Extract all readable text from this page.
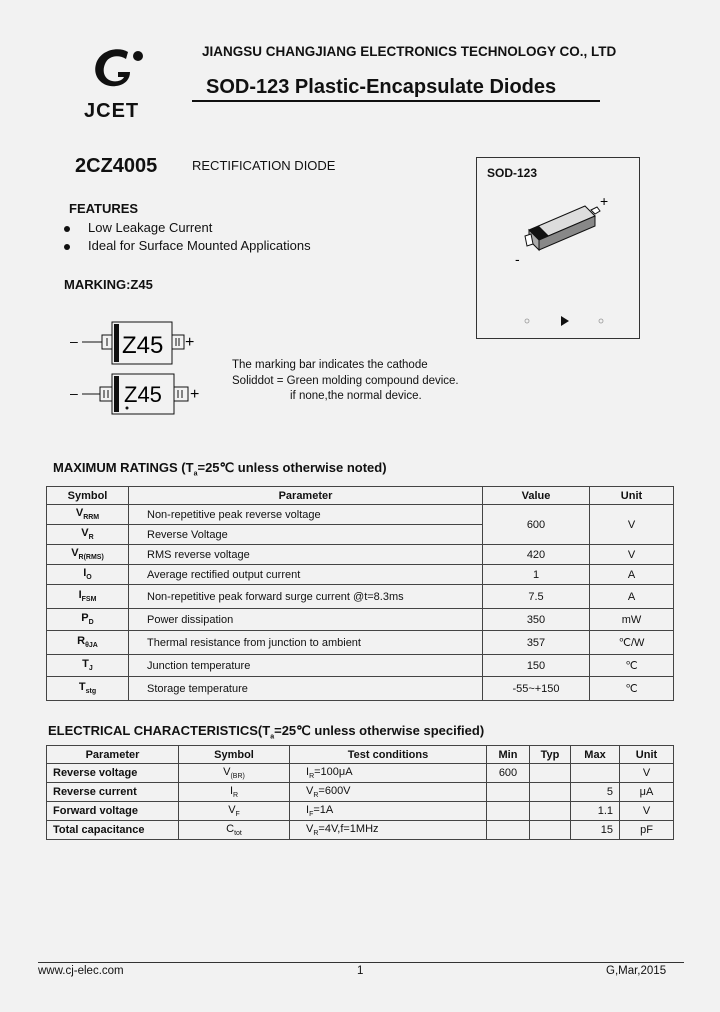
JCET
JIANGSU CHANGJIANG ELECTRONICS TECHNOLOGY CO., LTD
SOD-123 Plastic-Encapsulate Diodes
2CZ4005	RECTIFICATION DIODE
FEATURES
Low Leakage Current
Ideal for Surface Mounted Applications
MARKING:Z45
Z45
–	+
Z45
–	+
The marking bar indicates the cathode
Soliddot = Green molding compound device.
if none,the normal device.
SOD-123
+
-
MAXIMUM RATINGS ($T_a=25℃$ unless otherwise noted)
Symbol	Parameter	Value	Unit
$V_{RRM}$	Non-repetitive peak reverse voltage	600	V
$V_R$	Reverse Voltage		
$V_{R(RMS)}$	RMS reverse voltage	420	V
$I_O$	Average rectified output current	1	A
$I_{FSM}$	Non-repetitive peak forward surge current @t=8.3ms	7.5	A
$P_D$	Power dissipation	350	mW
$R_{\theta JA}$	Thermal resistance from junction to ambient	357	℃/W
$T_J$	Junction temperature	150	℃
$T_{stg}$	Storage temperature	-55~+150	℃
ELECTRICAL $CHARACTERISTICS(T_a=25℃$ unless otherwise specified)
Parameter	Symbol	Test conditions	Min	Typ	Max	Unit
Reverse voltage	$V_{(BR)}$	$I_R=100\mu A$	600			V
Reverse current	$I_R$	$V_R=600V$			5	μA
Forward voltage	$V_F$	$I_F=1A$			1.1	V
Total capacitance	$C_{tot}$	$V_R=4V,f=1MHz$			15	pF
www.cj-elec.com	1	G,Mar,2015
